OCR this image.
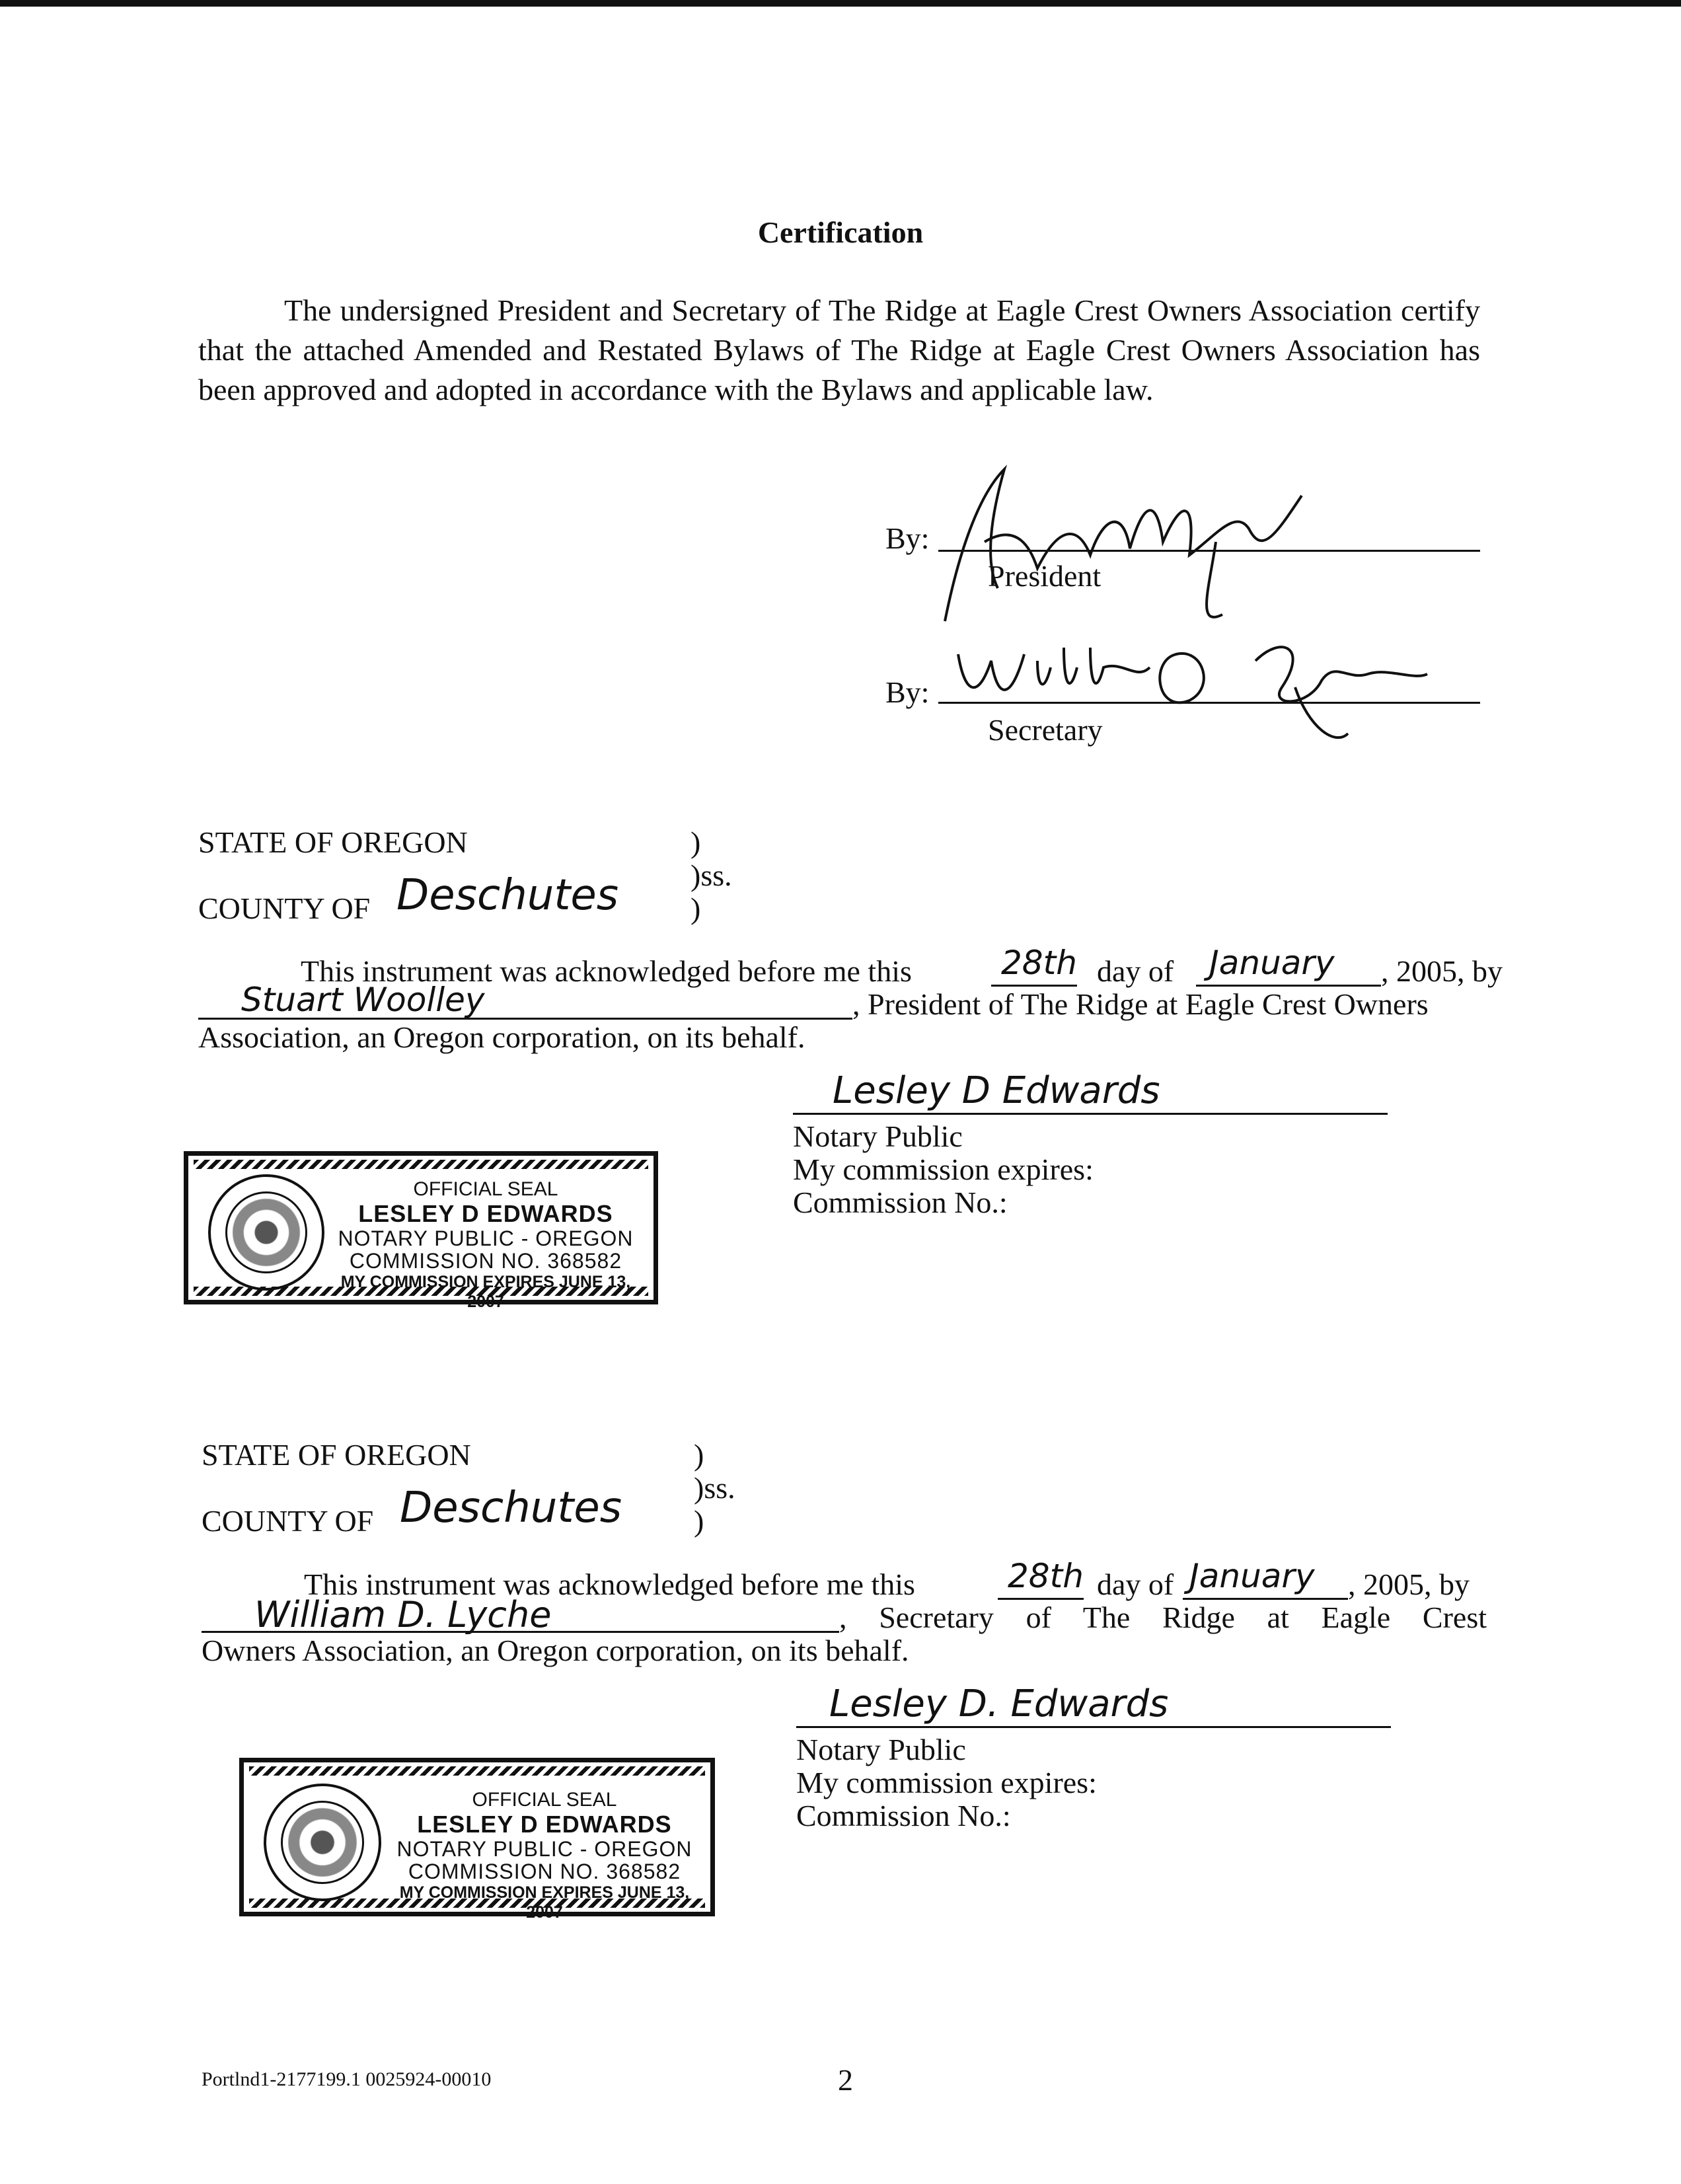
Certification
The undersigned President and Secretary of The Ridge at Eagle Crest Owners Association certify that the attached Amended and Restated Bylaws of The Ridge at Eagle Crest Owners Association has been approved and adopted in accordance with the Bylaws and applicable law.
By:
President
By:
Secretary
STATE OF OREGON	)
)ss.
)
COUNTY OF Deschutes
This instrument was acknowledged before me this	28th day of January , 2005, by
Stuart Woolley	, President of The Ridge at Eagle Crest Owners
Association, an Oregon corporation, on its behalf.
Lesley D Edwards
Notary Public
My commission expires:
Commission No.:
OFFICIAL SEAL
LESLEY D EDWARDS
NOTARY PUBLIC - OREGON
COMMISSION NO. 368582
MY COMMISSION EXPIRES JUNE 13, 2007
STATE OF OREGON	)
)ss.
)
COUNTY OF Deschutes
This instrument was acknowledged before me this	28th day of January , 2005, by
William D. Lyche	, Secretary of The Ridge at Eagle Crest
Owners Association, an Oregon corporation, on its behalf.
Lesley D. Edwards
Notary Public
My commission expires:
Commission No.:
OFFICIAL SEAL
LESLEY D EDWARDS
NOTARY PUBLIC - OREGON
COMMISSION NO. 368582
MY COMMISSION EXPIRES JUNE 13, 2007
Portlnd1-2177199.1 0025924-00010	2
